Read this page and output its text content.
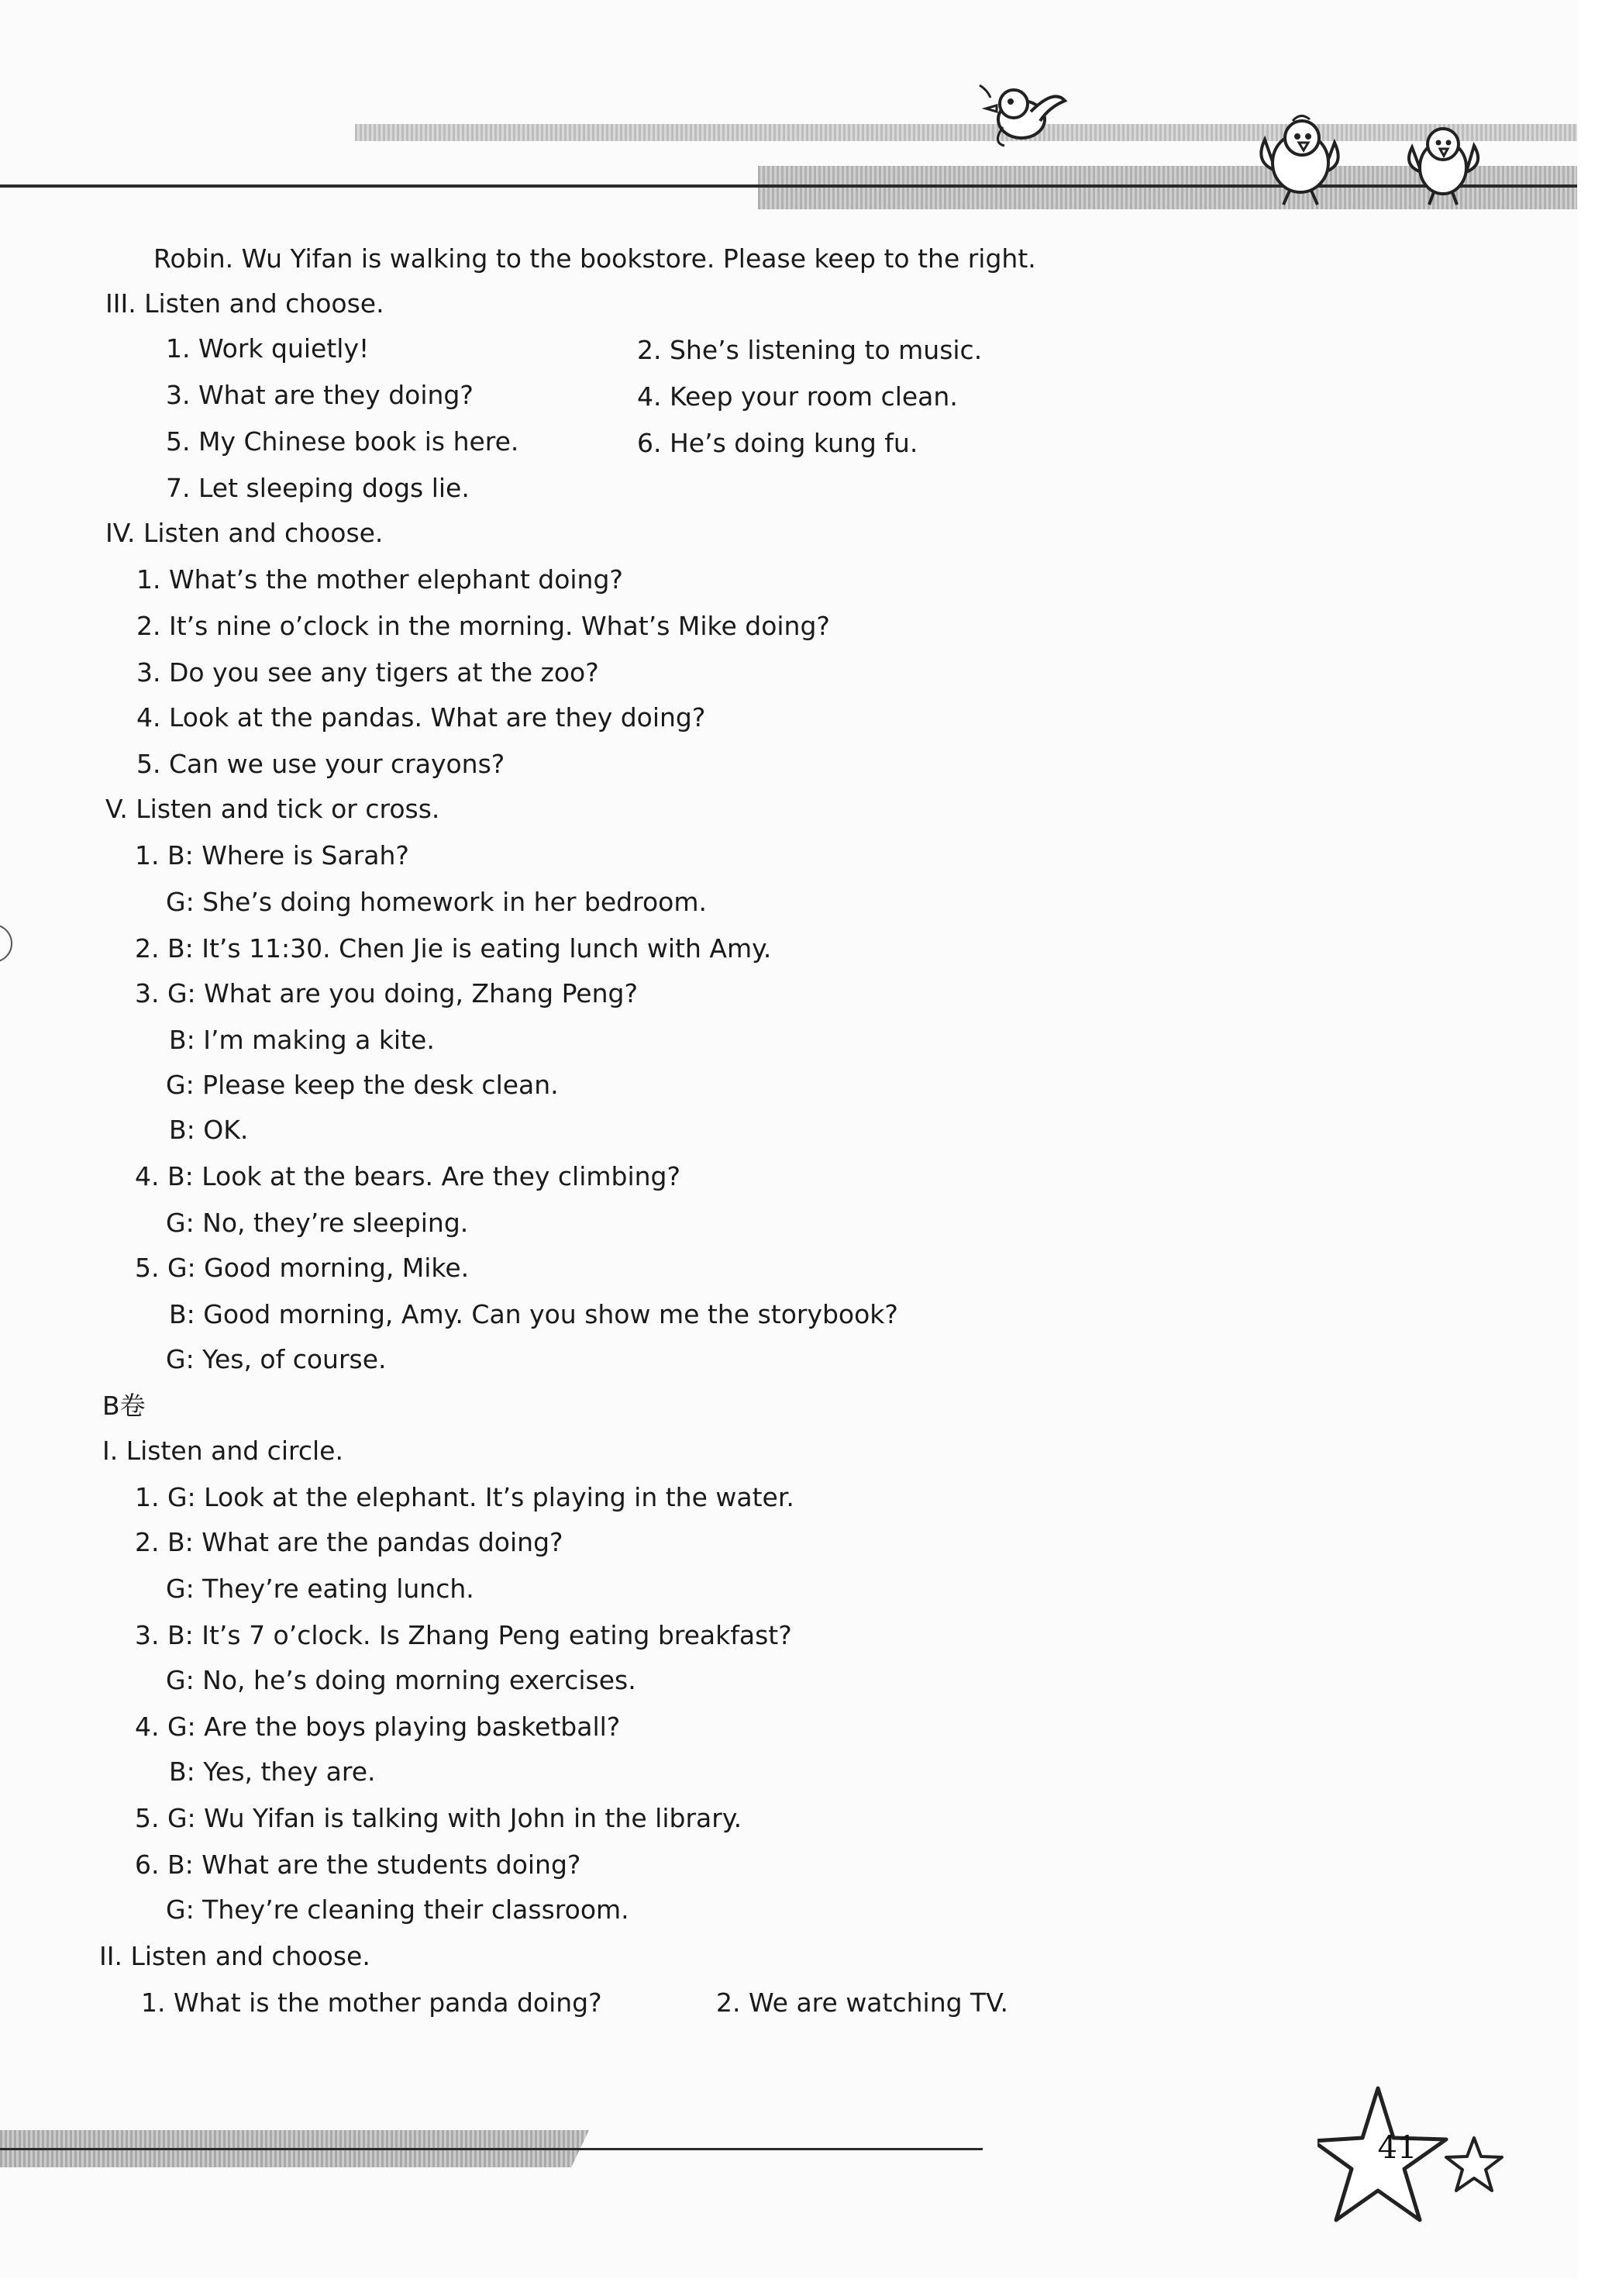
Robin. Wu Yifan is walking to the bookstore. Please keep to the right.
III. Listen and choose.
1. Work quietly!	2. She’s listening to music.
3. What are they doing?	4. Keep your room clean.
5. My Chinese book is here.	6. He’s doing kung fu.
7. Let sleeping dogs lie.
IV. Listen and choose.
1. What’s the mother elephant doing?
2. It’s nine o’clock in the morning. What’s Mike doing?
3. Do you see any tigers at the zoo?
4. Look at the pandas. What are they doing?
5. Can we use your crayons?
V. Listen and tick or cross.
1. B: Where is Sarah?
G: She’s doing homework in her bedroom.
2. B: It’s 11:30. Chen Jie is eating lunch with Amy.
3. G: What are you doing, Zhang Peng?
B: I’m making a kite.
G: Please keep the desk clean.
B: OK.
4. B: Look at the bears. Are they climbing?
G: No, they’re sleeping.
5. G: Good morning, Mike.
B: Good morning, Amy. Can you show me the storybook?
G: Yes, of course.
B卷
I. Listen and circle.
1. G: Look at the elephant. It’s playing in the water.
2. B: What are the pandas doing?
G: They’re eating lunch.
3. B: It’s 7 o’clock. Is Zhang Peng eating breakfast?
G: No, he’s doing morning exercises.
4. G: Are the boys playing basketball?
B: Yes, they are.
5. G: Wu Yifan is talking with John in the library.
6. B: What are the students doing?
G: They’re cleaning their classroom.
II. Listen and choose.
1. What is the mother panda doing?	2. We are watching TV.
41
